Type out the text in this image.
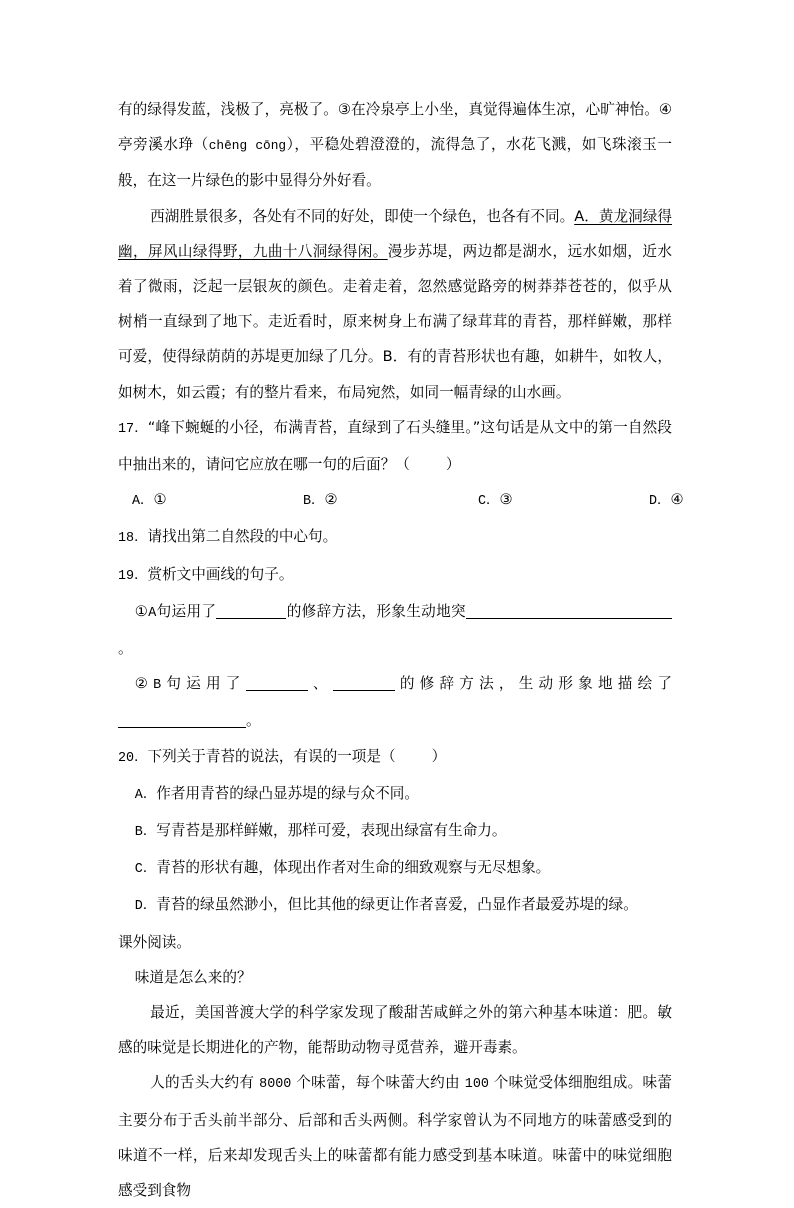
有的绿得发蓝，浅极了，亮极了。③在冷泉亭上小坐，真觉得遍体生凉，心旷神怡。④亭旁溪水琤（chēng cōng），平稳处碧澄澄的，流得急了，水花飞溅，如飞珠滚玉一般，在这一片绿色的影中显得分外好看。

西湖胜景很多，各处有不同的好处，即使一个绿色，也各有不同。A．黄龙洞绿得幽，屏风山绿得野，九曲十八洞绿得闲。漫步苏堤，两边都是湖水，远水如烟，近水着了微雨，泛起一层银灰的颜色。走着走着，忽然感觉路旁的树莽莽苍苍的，似乎从树梢一直绿到了地下。走近看时，原来树身上布满了绿茸茸的青苔，那样鲜嫩，那样可爱，使得绿荫荫的苏堤更加绿了几分。B．有的青苔形状也有趣，如耕牛，如牧人，如树木，如云霞；有的整片看来，布局宛然，如同一幅青绿的山水画。

17．“峰下蜿蜒的小径，布满青苔，直绿到了石头缝里。”这句话是从文中的第一自然段中抽出来的，请问它应放在哪一句的后面？（ ）

A．①	B．②	C．③	D．④

18．请找出第二自然段的中心句。

19．赏析文中画线的句子。

①A句运用了	的修辞方法，形象生动地突。

②B句运用了	、	的修辞方法，生动形象地描绘了。

20．下列关于青苔的说法，有误的一项是（ ）

A．作者用青苔的绿凸显苏堤的绿与众不同。

B．写青苔是那样鲜嫩，那样可爱，表现出绿富有生命力。

C．青苔的形状有趣，体现出作者对生命的细致观察与无尽想象。

D．青苔的绿虽然渺小，但比其他的绿更让作者喜爱，凸显作者最爱苏堤的绿。

课外阅读。

味道是怎么来的？

最近，美国普渡大学的科学家发现了酸甜苦咸鲜之外的第六种基本味道：肥。敏感的味觉是长期进化的产物，能帮助动物寻觅营养，避开毒素。

人的舌头大约有 8000 个味蕾，每个味蕾大约由 100 个味觉受体细胞组成。味蕾主要分布于舌头前半部分、后部和舌头两侧。科学家曾认为不同地方的味蕾感受到的味道不一样，后来却发现舌头上的味蕾都有能力感受到基本味道。味蕾中的味觉细胞感受到食物
